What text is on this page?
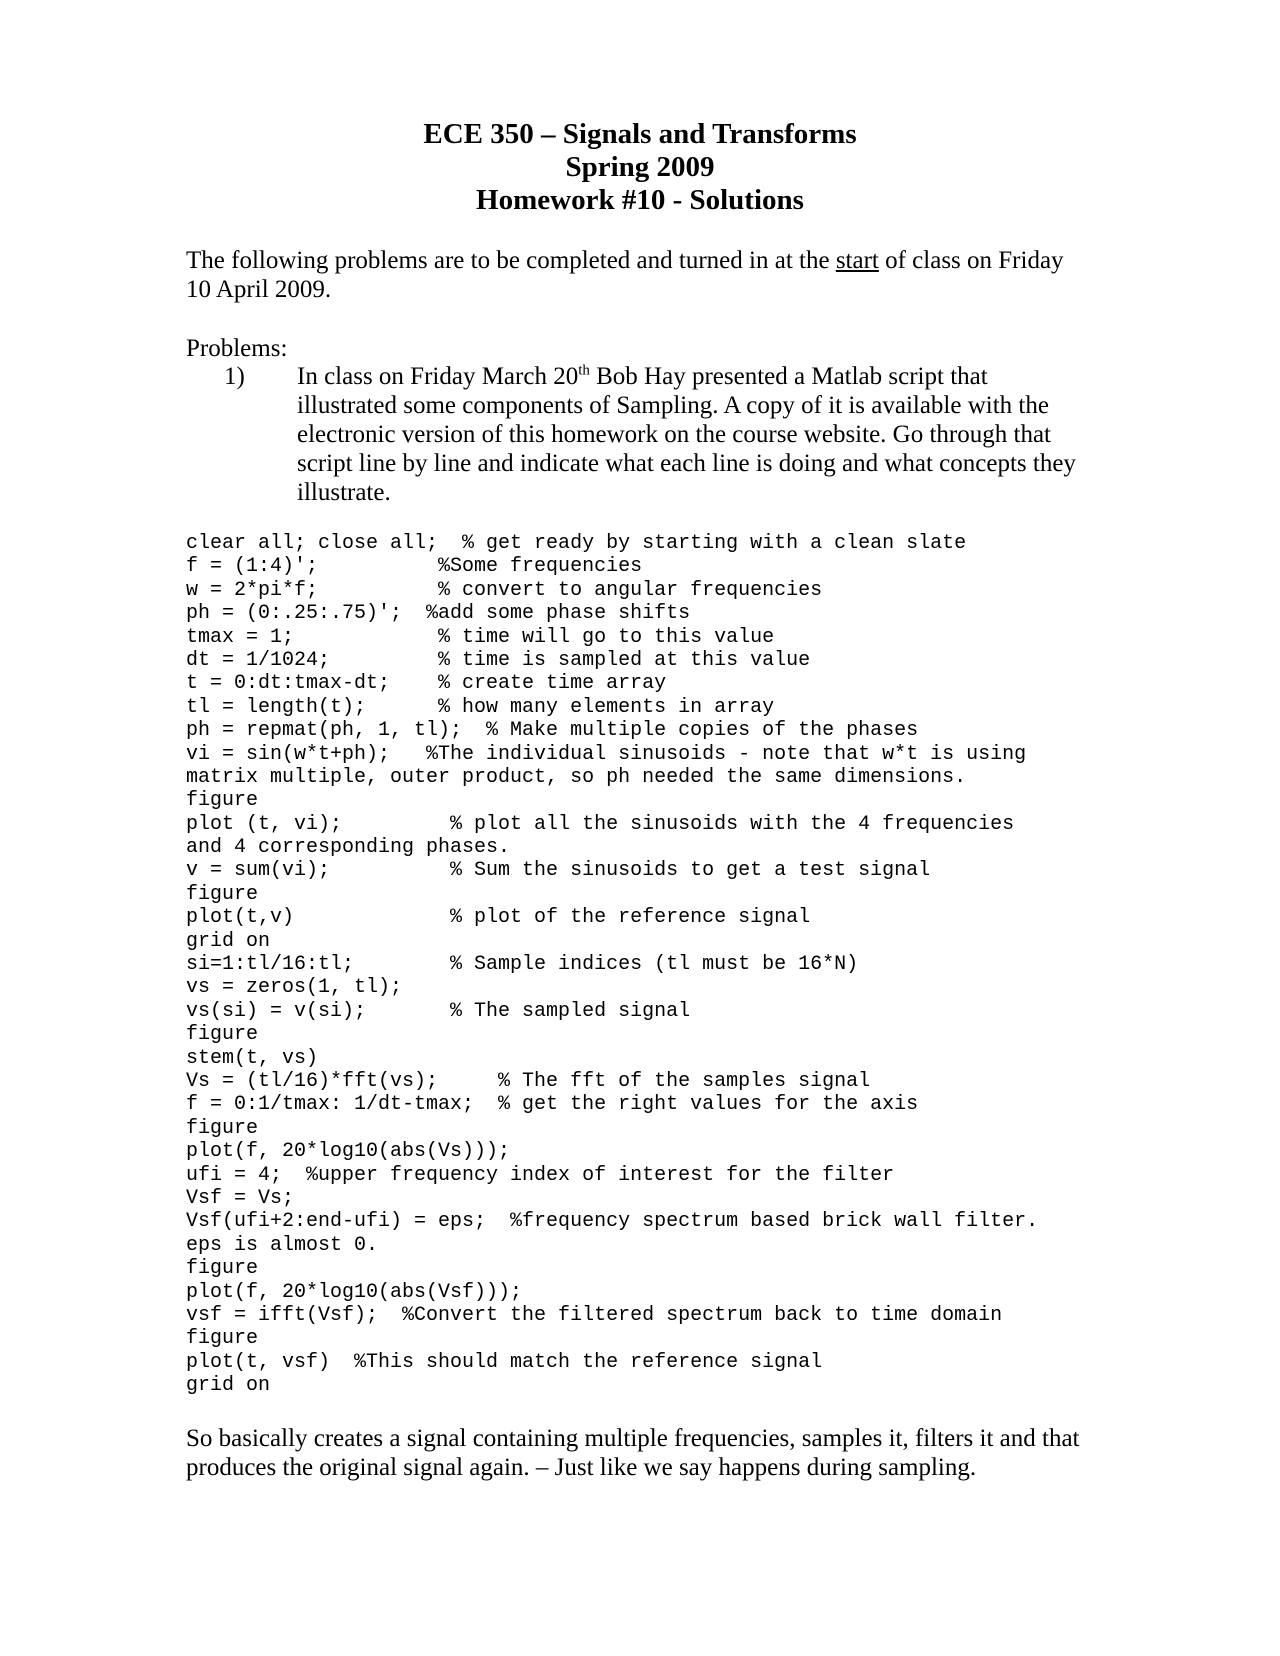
ECE 350 – Signals and Transforms
Spring 2009
Homework #10 - Solutions
The following problems are to be completed and turned in at the start of class on Friday 10 April 2009.
Problems:
1) In class on Friday March 20th Bob Hay presented a Matlab script that illustrated some components of Sampling. A copy of it is available with the electronic version of this homework on the course website. Go through that script line by line and indicate what each line is doing and what concepts they illustrate.
clear all; close all;  % get ready by starting with a clean slate
f = (1:4)';          %Some frequencies
w = 2*pi*f;          % convert to angular frequencies
ph = (0:.25:.75)';  %add some phase shifts
tmax = 1;            % time will go to this value
dt = 1/1024;         % time is sampled at this value
t = 0:dt:tmax-dt;    % create time array
tl = length(t);      % how many elements in array
ph = repmat(ph, 1, tl);  % Make multiple copies of the phases
vi = sin(w*t+ph);   %The individual sinusoids - note that w*t is using
matrix multiple, outer product, so ph needed the same dimensions.
figure
plot (t, vi);         % plot all the sinusoids with the 4 frequencies
and 4 corresponding phases.
v = sum(vi);          % Sum the sinusoids to get a test signal
figure
plot(t,v)             % plot of the reference signal
grid on
si=1:tl/16:tl;        % Sample indices (tl must be 16*N)
vs = zeros(1, tl);
vs(si) = v(si);       % The sampled signal
figure
stem(t, vs)
Vs = (tl/16)*fft(vs);     % The fft of the samples signal
f = 0:1/tmax: 1/dt-tmax;  % get the right values for the axis
figure
plot(f, 20*log10(abs(Vs)));
ufi = 4;  %upper frequency index of interest for the filter
Vsf = Vs;
Vsf(ufi+2:end-ufi) = eps;  %frequency spectrum based brick wall filter.
eps is almost 0.
figure
plot(f, 20*log10(abs(Vsf)));
vsf = ifft(Vsf);  %Convert the filtered spectrum back to time domain
figure
plot(t, vsf)  %This should match the reference signal
grid on
So basically creates a signal containing multiple frequencies, samples it, filters it and that produces the original signal again. – Just like we say happens during sampling.
